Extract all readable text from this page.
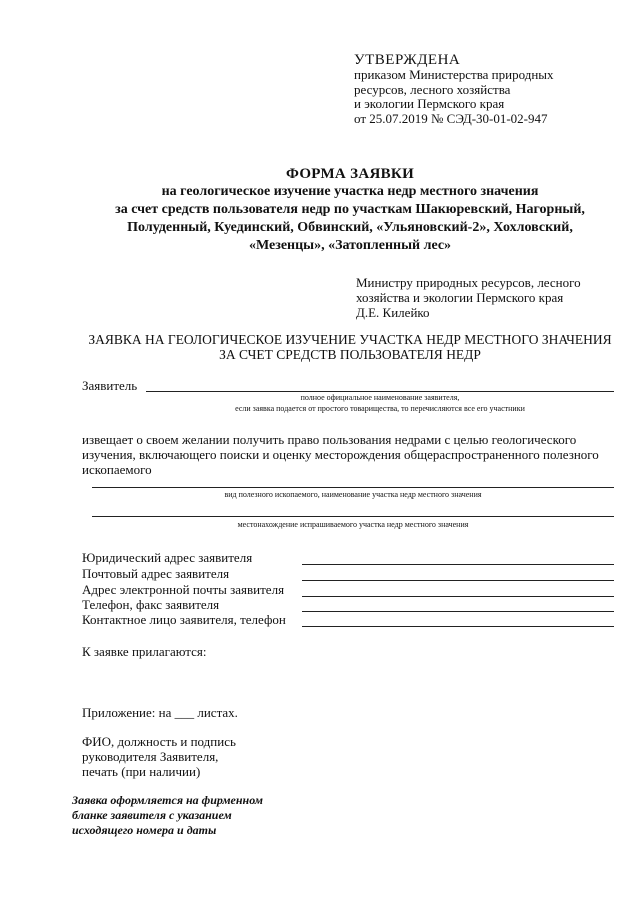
УТВЕРЖДЕНА
приказом Министерства природных
ресурсов, лесного хозяйства
и экологии Пермского края
от 25.07.2019 № СЭД-30-01-02-947
ФОРМА ЗАЯВКИ
на геологическое изучение участка недр местного значения
за счет средств пользователя недр по участкам Шакюревский, Нагорный,
Полуденный, Куединский, Обвинский, «Ульяновский-2», Хохловский,
«Мезенцы», «Затопленный лес»
Министру природных ресурсов, лесного
хозяйства и экологии Пермского края
Д.Е. Килейко
ЗАЯВКА НА ГЕОЛОГИЧЕСКОЕ ИЗУЧЕНИЕ УЧАСТКА НЕДР МЕСТНОГО ЗНАЧЕНИЯ
ЗА СЧЕТ СРЕДСТВ ПОЛЬЗОВАТЕЛЯ НЕДР
Заявитель
полное официальное наименование заявителя,
если заявка подается от простого товарищества, то перечисляются все его участники
извещает о своем желании получить право пользования недрами с целью геологического изучения, включающего поиски и оценку месторождения общераспространенного полезного ископаемого
вид полезного ископаемого, наименование участка недр местного значения
местонахождение испрашиваемого участка недр местного значения
Юридический адрес заявителя
Почтовый адрес заявителя
Адрес электронной почты заявителя
Телефон, факс заявителя
Контактное лицо заявителя, телефон
К заявке прилагаются:
Приложение: на ___ листах.
ФИО, должность и подпись
руководителя Заявителя,
печать (при наличии)
Заявка оформляется на фирменном
бланке заявителя с указанием
исходящего номера и даты
